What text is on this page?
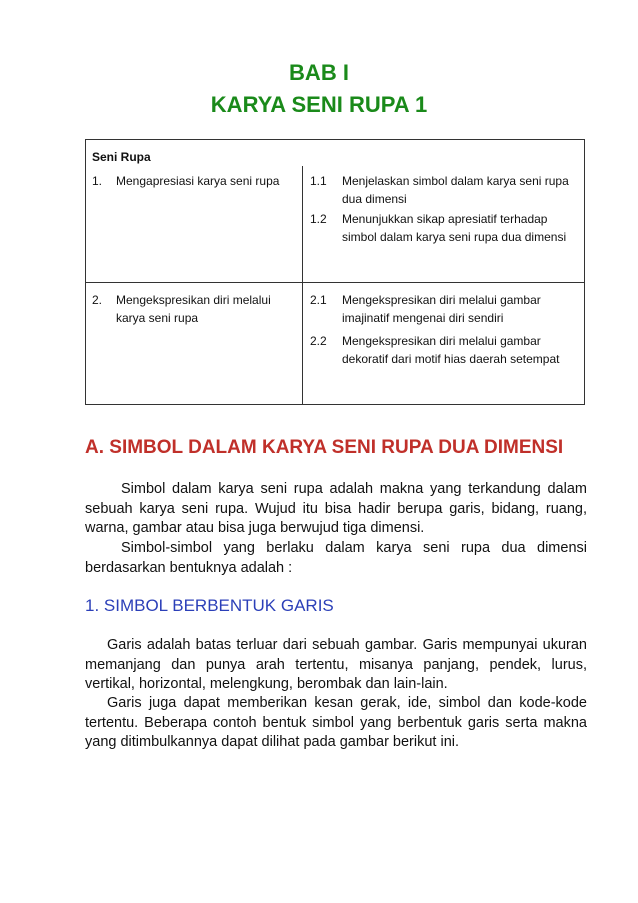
BAB I
KARYA SENI RUPA 1
Seni Rupa
1. Mengapresiasi karya seni rupa	1.1 Menjelaskan simbol dalam karya seni rupa dua dimensi
1.2 Menunjukkan sikap apresiatif terhadap simbol dalam karya seni rupa dua dimensi
2. Mengekspresikan diri melalui karya seni rupa
2.1 Mengekspresikan diri melalui gambar imajinatif mengenai diri sendiri
2.2 Mengekspresikan diri melalui gambar dekoratif dari motif hias daerah setempat
A. SIMBOL DALAM KARYA SENI RUPA DUA DIMENSI

Simbol dalam karya seni rupa adalah makna yang terkandung dalam sebuah karya seni rupa. Wujud itu bisa hadir berupa garis, bidang, ruang, warna, gambar atau bisa juga berwujud tiga dimensi.

Simbol-simbol yang berlaku dalam karya seni rupa dua dimensi berdasarkan bentuknya adalah :

1. SIMBOL BERBENTUK GARIS

Garis adalah batas terluar dari sebuah gambar. Garis mempunyai ukuran memanjang dan punya arah tertentu, misanya panjang, pendek, lurus, vertikal, horizontal, melengkung, berombak dan lain-lain.

Garis juga dapat memberikan kesan gerak, ide, simbol dan kode-kode tertentu. Beberapa contoh bentuk simbol yang berbentuk garis serta makna yang ditimbulkannya dapat dilihat pada gambar berikut ini.
